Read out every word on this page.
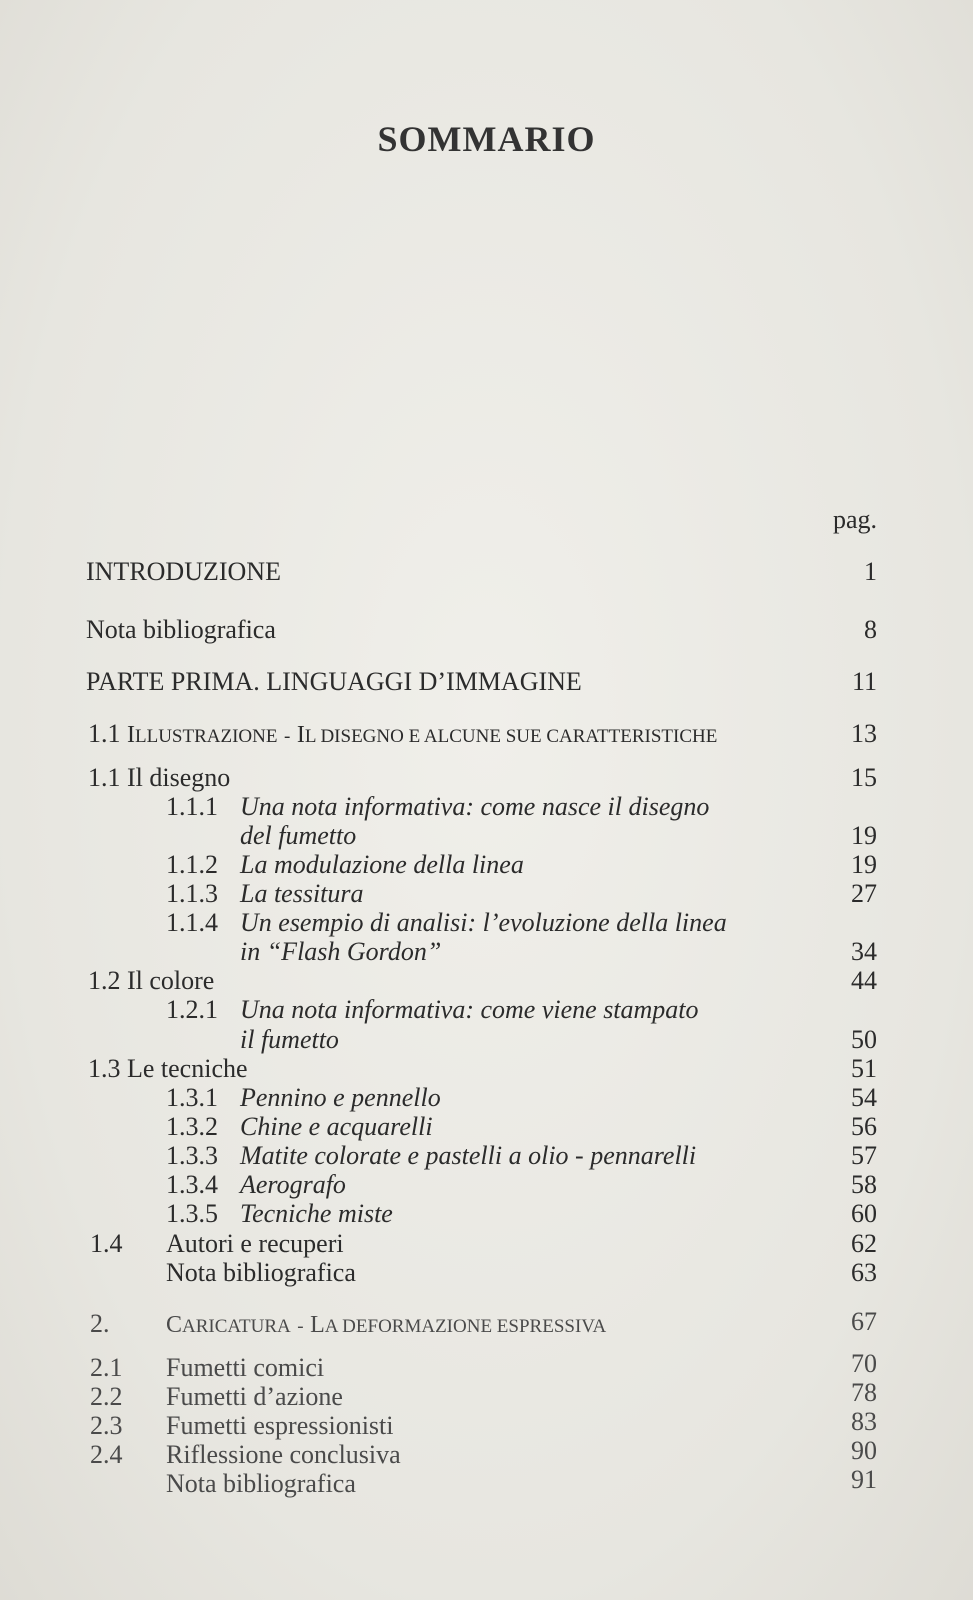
SOMMARIO
pag.
INTRODUZIONE	1
Nota bibliografica	8
PARTE PRIMA. LINGUAGGI D’IMMAGINE	11
1.1 ILLUSTRAZIONE - IL DISEGNO E ALCUNE SUE CARATTERISTICHE	13
1.1 Il disegno	15
1.1.1 Una nota informativa: come nasce il disegno
del fumetto	19
1.1.2 La modulazione della linea	19
1.1.3 La tessitura	27
1.1.4 Un esempio di analisi: l’evoluzione della linea
in “Flash Gordon”	34
1.2 Il colore	44
1.2.1 Una nota informativa: come viene stampato
il fumetto	50
1.3 Le tecniche	51
1.3.1 Pennino e pennello	54
1.3.2 Chine e acquarelli	56
1.3.3 Matite colorate e pastelli a olio - pennarelli	57
1.3.4 Aerografo	58
1.3.5 Tecniche miste	60
1.4 Autori e recuperi	62
Nota bibliografica	63
2. CARICATURA - LA DEFORMAZIONE ESPRESSIVA	67
2.1 Fumetti comici	70
2.2 Fumetti d’azione	78
2.3 Fumetti espressionisti	83
2.4 Riflessione conclusiva	90
Nota bibliografica	91
